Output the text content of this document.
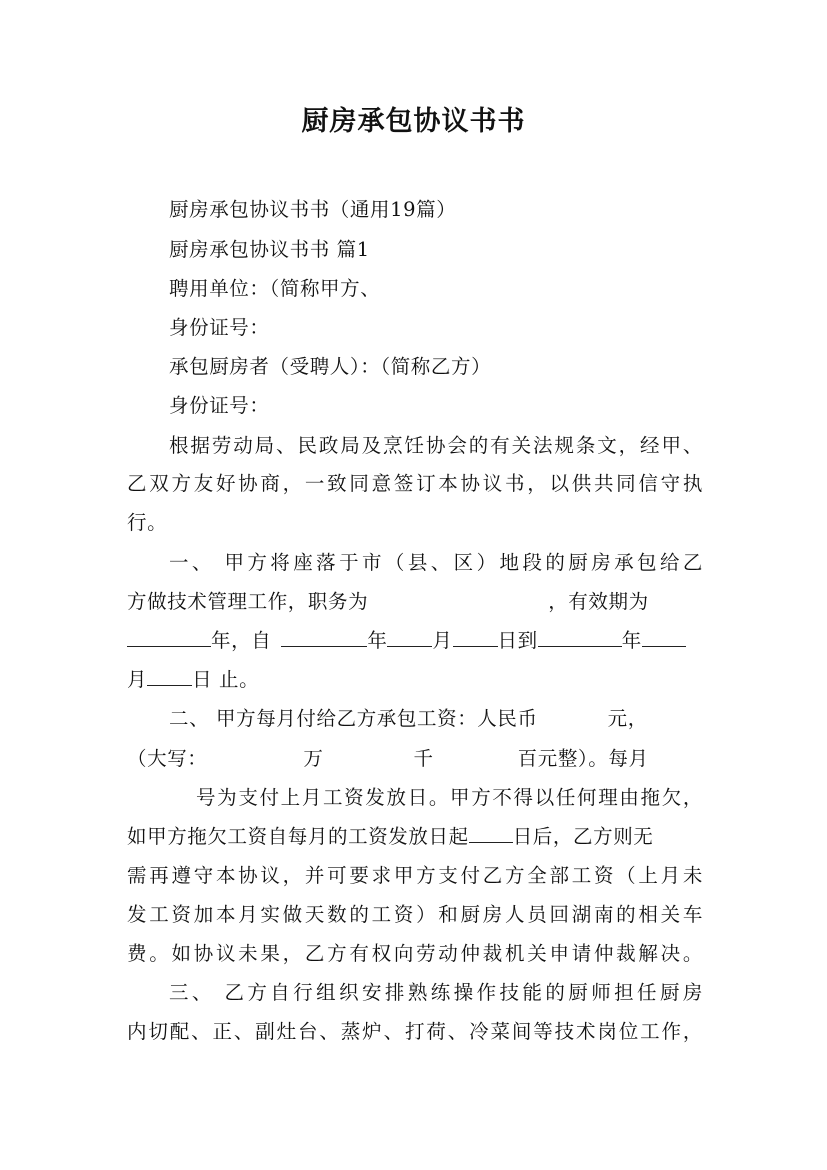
厨房承包协议书书
厨房承包协议书书（通用19篇）
厨房承包协议书书 篇1
聘用单位：（简称甲方、
身份证号：
承包厨房者（受聘人）：（简称乙方）
身份证号：
根据劳动局、民政局及烹饪协会的有关法规条文，经甲、
乙双方友好协商，一致同意签订本协议书，以供共同信守执
行。
一、 甲方将座落于市（县、区）地段的厨房承包给乙
方做技术管理工作，职务为	，有效期为
年，自	年 月 日到	年
月 日 止。
二、 甲方每月付给乙方承包工资：人民币	元，
（大写：	万	千	百元整）。每月
号为支付上月工资发放日。甲方不得以任何理由拖欠，
如甲方拖欠工资自每月的工资发放日起 日后，乙方则无
需再遵守本协议，并可要求甲方支付乙方全部工资（上月未
发工资加本月实做天数的工资）和厨房人员回湖南的相关车
费。如协议未果，乙方有权向劳动仲裁机关申请仲裁解决。
三、 乙方自行组织安排熟练操作技能的厨师担任厨房
内切配、正、副灶台、蒸炉、打荷、冷菜间等技术岗位工作，
